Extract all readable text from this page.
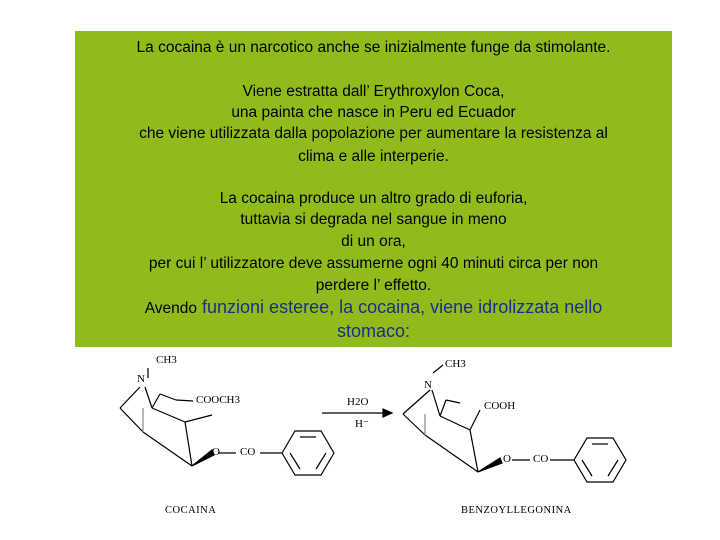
La cocaina è un narcotico anche se inizialmente funge da stimolante.
Viene estratta dall’ Erythroxylon Coca,
una painta che nasce in Peru ed Ecuador
che viene utilizzata dalla popolazione per aumentare la resistenza al
clima e alle interperie.
La cocaina produce un altro grado di euforia,
tuttavia si degrada nel sangue in meno
di un ora,
per cui l’ utilizzatore deve assumerne ogni 40 minuti circa per non
perdere l’ effetto.
Avendo funzioni esteree, la cocaina, viene idrolizzata nello
stomaco:
CH3
N
COOCH3
O CO
COCAINA
H2O
H⁻
CH3
N
COOH
O CO
BENZOYLLEGONINA
